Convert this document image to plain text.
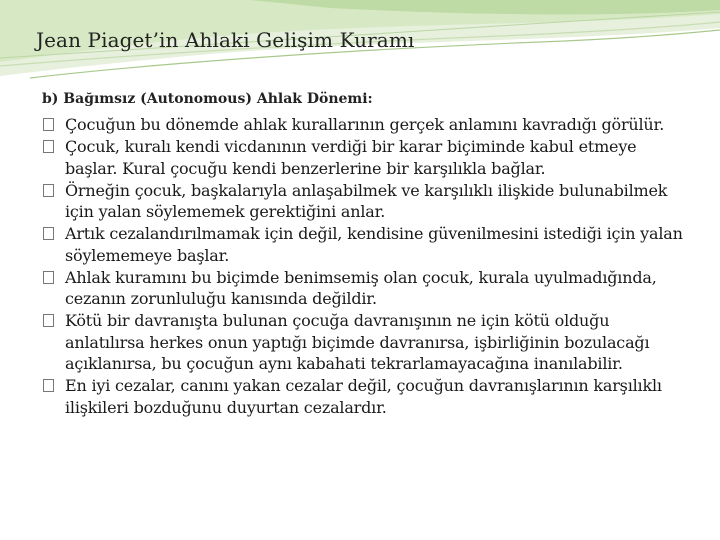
Jean Piaget’in Ahlaki Gelişim Kuramı
b) Bağımsız (Autonomous) Ahlak Dönemi:
Çocuğun bu dönemde ahlak kurallarının gerçek anlamını kavradığı görülür.
Çocuk, kuralı kendi vicdanının verdiği bir karar biçiminde kabul etmeye başlar. Kural çocuğu kendi benzerlerine bir karşılıkla bağlar.
Örneğin çocuk, başkalarıyla anlaşabilmek ve karşılıklı ilişkide bulunabilmek için yalan söylememek gerektiğini anlar.
Artık cezalandırılmamak için değil, kendisine güvenilmesini istediği için yalan söylememeye başlar.
Ahlak kuramını bu biçimde benimsemiş olan çocuk, kurala uyulmadığında, cezanın zorunluluğu kanısında değildir.
Kötü bir davranışta bulunan çocuğa davranışının ne için kötü olduğu anlatılırsa herkes onun yaptığı biçimde davranırsa, işbirliğinin bozulacağı açıklanırsa, bu çocuğun aynı kabahati tekrarlamayacağına inanılabilir.
En iyi cezalar, canını yakan cezalar değil, çocuğun davranışlarının karşılıklı ilişkileri bozduğunu duyurtan cezalardır.
